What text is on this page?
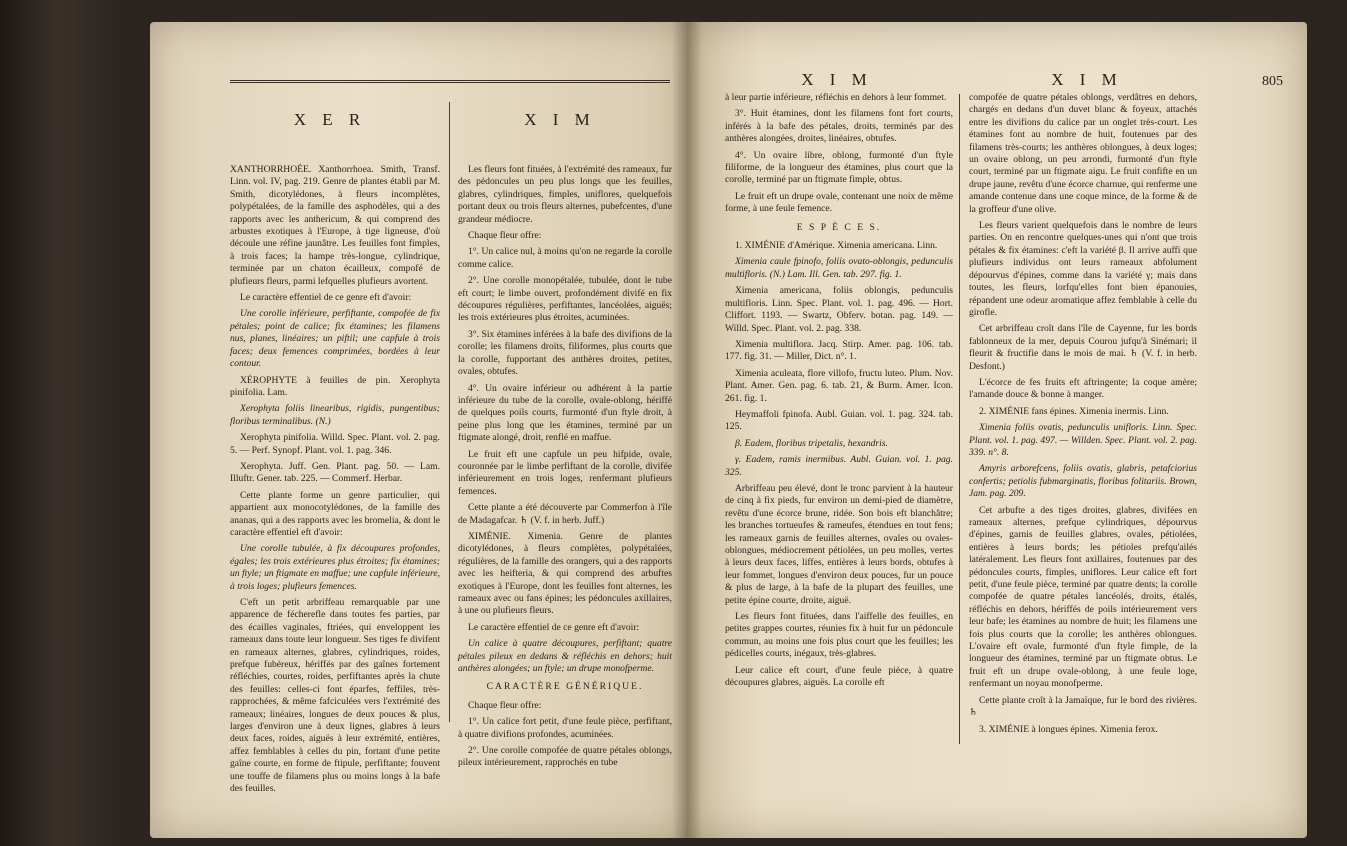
X E R	X I M

XANTHORRHOÉE. Xanthorrhoea. Smith, Transf. Linn. vol. IV, pag. 219. Genre de plantes établi par M. Smith, dicotylédones, à fleurs incomplètes, polypétalées, de la famille des asphodèles, qui a des rapports avec les anthericum, & qui comprend des arbustes exotiques à l'Europe, à tige ligneuse, d'où découle une réfine jaunâtre. Les feuilles font fimples, à trois faces; la hampe très-longue, cylindrique, terminée par un chaton écailleux, compofé de plufieurs fleurs, parmi lefquelles plufieurs avortent.

Le caractère effentiel de ce genre eft d'avoir:

Une corolle inférieure, perfiftante, compofée de fix pétales; point de calice; fix étamines; les filamens nus, planes, linéaires; un piftil; une capfule à trois faces; deux femences comprimées, bordées à leur contour.

XÉROPHYTE à feuilles de pin. Xerophyta pinifolia. Lam.

Xerophyta foliis linearibus, rigidis, pungentibus; floribus terminalibus. (N.)

Xerophyta pinifolia. Willd. Spec. Plant. vol. 2. pag. 5. — Perf. Synopf. Plant. vol. 1. pag. 346.

Xerophyta. Juff. Gen. Plant. pag. 50. — Lam. Illuftr. Gener. tab. 225. — Commerf. Herbar.

Cette plante forme un genre particulier, qui appartient aux monocotylédones, de la famille des ananas, qui a des rapports avec les bromelia, & dont le caractère effentiel eft d'avoir:

Une corolle tubulée, à fix découpures profondes, égales; les trois extérieures plus étroites; fix étamines; un ftyle; un ftigmate en maffue; une capfule inférieure, à trois loges; plufieurs femences.

C'eft un petit arbriffeau remarquable par une apparence de fécherefle dans toutes fes parties, par des écailles vaginales, ftriées, qui enveloppent les rameaux dans toute leur longueur. Ses tiges fe divifent en rameaux alternes, glabres, cylindriques, roides, prefque fubéreux, hériffés par des gaînes fortement réfléchies, courtes, roides, perfiftantes après la chute des feuilles: celles-ci font éparfes, feffiles, très-rapprochées, & même fafciculées vers l'extrémité des rameaux; linéaires, longues de deux pouces & plus, larges d'environ une à deux lignes, glabres à leurs deux faces, roides, aiguës à leur extrémité, entières, affez femblables à celles du pin, fortant d'une petite gaîne courte, en forme de ftipule, perfiftante; fouvent une touffe de filamens plus ou moins longs à la bafe des feuilles.

Les fleurs font fituées, à l'extrémité des rameaux, fur des pédoncules un peu plus longs que les feuilles, glabres, cylindriques, fimples, uniflores, quelquefois portant deux ou trois fleurs alternes, pubefcentes, d'une grandeur médiocre.

Chaque fleur offre:

1°. Un calice nul, à moins qu'on ne regarde la corolle comme calice.

2°. Une corolle monopétalée, tubulée, dont le tube eft court; le limbe ouvert, profondément divifé en fix découpures régulières, perfiftantes, lancéolées, aiguës; les trois extérieures plus étroites, acuminées.

3°. Six étamines inférées à la bafe des divifions de la corolle; les filamens droits, filiformes, plus courts que la corolle, fupportant des anthères droites, petites, ovales, obtufes.

4°. Un ovaire inférieur ou adhérent à la partie inférieure du tube de la corolle, ovale-oblong, hériffé de quelques poils courts, furmonté d'un ftyle droit, à peine plus long que les étamines, terminé par un ftigmate alongé, droit, renflé en maffue.

Le fruit eft une capfule un peu hifpide, ovale, couronnée par le limbe perfiftant de la corolle, divifée inférieurement en trois loges, renfermant plufieurs femences.

Cette plante a été découverte par Commerfon à l'île de Madagafcar. ♄ (V. f. in herb. Juff.)

XIMÉNIE. Ximenia. Genre de plantes dicotylédones, à fleurs complètes, polypétalées, régulières, de la famille des orangers, qui a des rapports avec les heifteria, & qui comprend des arbuftes exotiques à l'Europe, dont les feuilles font alternes, les rameaux avec ou fans épines; les pédoncules axillaires, à une ou plufieurs fleurs.

Le caractère effentiel de ce genre eft d'avoir:

Un calice à quatre découpures, perfiftant; quatre pétales pileux en dedans & réfléchis en dehors; huit anthères alongées; un ftyle; un drupe monofperme.

CARACTÈRE GÉNÉRIQUE.

Chaque fleur offre:

1°. Un calice fort petit, d'une feule pièce, perfiftant, à quatre divifions profondes, acuminées.

2°. Une corolle compofée de quatre pétales oblongs, pileux intérieurement, rapprochés en tube

X I M	X I M	805

à leur partie inférieure, réfléchis en dehors à leur fommet.

3°. Huit étamines, dont les filamens font fort courts, inférés à la bafe des pétales, droits, terminés par des anthères alongées, droites, linéaires, obtufes.

4°. Un ovaire libre, oblong, furmonté d'un ftyle filiforme, de la longueur des étamines, plus court que la corolle, terminé par un ftigmate fimple, obtus.

Le fruit eft un drupe ovale, contenant une noix de même forme, à une feule femence.

E S P È C E S.

1. XIMÉNIE d'Amérique. Ximenia americana. Linn.

Ximenia caule fpinofo, foliis ovato-oblongis, pedunculis multifloris. (N.) Lam. Ill. Gen. tab. 297. fig. 1.

Ximenia americana, foliis oblongis, pedunculis multifloris. Linn. Spec. Plant. vol. 1. pag. 496. — Hort. Cliffort. 1193. — Swartz, Obferv. botan. pag. 149. — Willd. Spec. Plant. vol. 2. pag. 338.

Ximenia multiflora. Jacq. Stirp. Amer. pag. 106. tab. 177. fig. 31. — Miller, Dict. n°. 1.

Ximenia aculeata, flore villofo, fructu luteo. Plum. Nov. Plant. Amer. Gen. pag. 6. tab. 21, & Burm. Amer. Icon. 261. fig. 1.

Heymaffoli fpinofa. Aubl. Guian. vol. 1. pag. 324. tab. 125.

β. Eadem, floribus tripetalis, hexandris.

γ. Eadem, ramis inermibus. Aubl. Guian. vol. 1. pag. 325.

Arbriffeau peu élevé, dont le tronc parvient à la hauteur de cinq à fix pieds, fur environ un demi-pied de diamètre, revêtu d'une écorce brune, ridée. Son bois eft blanchâtre; les branches tortueufes & rameufes, étendues en tout fens; les rameaux garnis de feuilles alternes, ovales ou ovales-oblongues, médiocrement pétiolées, un peu molles, vertes à leurs deux faces, liffes, entières à leurs bords, obtufes à leur fommet, longues d'environ deux pouces, fur un pouce & plus de large, à la bafe de la plupart des feuilles, une petite épine courte, droite, aiguë.

Les fleurs font fituées, dans l'aiffelle des feuilles, en petites grappes courtes, réunies fix à huit fur un pédoncule commun, au moins une fois plus court que les feuilles; les pédicelles courts, inégaux, très-glabres.

Leur calice eft court, d'une feule pièce, à quatre découpures glabres, aiguës. La corolle eft

compofée de quatre pétales oblongs, verdâtres en dehors, chargés en dedans d'un duvet blanc & foyeux, attachés entre les divifions du calice par un onglet très-court. Les étamines font au nombre de huit, foutenues par des filamens très-courts; les anthères oblongues, à deux loges; un ovaire oblong, un peu arrondi, furmonté d'un ftyle court, terminé par un ftigmate aigu. Le fruit confifte en un drupe jaune, revêtu d'une écorce charnue, qui renferme une amande contenue dans une coque mince, de la forme & de la groffeur d'une olive.

Les fleurs varient quelquefois dans le nombre de leurs parties. On en rencontre quelques-unes qui n'ont que trois pétales & fix étamines: c'eft la variété β. Il arrive auffi que plufieurs individus ont leurs rameaux abfolument dépourvus d'épines, comme dans la variété γ; mais dans toutes, les fleurs, lorfqu'elles font bien épanouies, répandent une odeur aromatique affez femblable à celle du girofle.

Cet arbriffeau croît dans l'île de Cayenne, fur les bords fablonneux de la mer, depuis Courou jufqu'à Sinémari; il fleurit & fructifie dans le mois de mai. ♄ (V. f. in herb. Desfont.)

L'écorce de fes fruits eft aftringente; la coque amère; l'amande douce & bonne à manger.

2. XIMÉNIE fans épines. Ximenia inermis. Linn.

Ximenia foliis ovatis, pedunculis unifloris. Linn. Spec. Plant. vol. 1. pag. 497. — Willden. Spec. Plant. vol. 2. pag. 339. n°. 8.

Amyris arborefcens, foliis ovatis, glabris, petafciorius confertis; petiolis fubmarginatis, floribus folitariis. Brown, Jam. pag. 209.

Cet arbufte a des tiges droites, glabres, divifées en rameaux alternes, prefque cylindriques, dépourvus d'épines, garnis de feuilles glabres, ovales, pétiolées, entières à leurs bords; les pétioles prefqu'ailés latéralement. Les fleurs font axillaires, foutenues par des pédoncules courts, fimples, uniflores. Leur calice eft fort petit, d'une feule pièce, terminé par quatre dents; la corolle compofée de quatre pétales lancéolés, droits, étalés, réfléchis en dehors, hériffés de poils intérieurement vers leur bafe; les étamines au nombre de huit; les filamens une fois plus courts que la corolle; les anthères oblongues. L'ovaire eft ovale, furmonté d'un ftyle fimple, de la longueur des étamines, terminé par un ftigmate obtus. Le fruit eft un drupe ovale-oblong, à une feule loge, renfermant un noyau monofperme.

Cette plante croît à la Jamaïque, fur le bord des rivières. ♄

3. XIMÉNIE à longues épines. Ximenia ferox.
